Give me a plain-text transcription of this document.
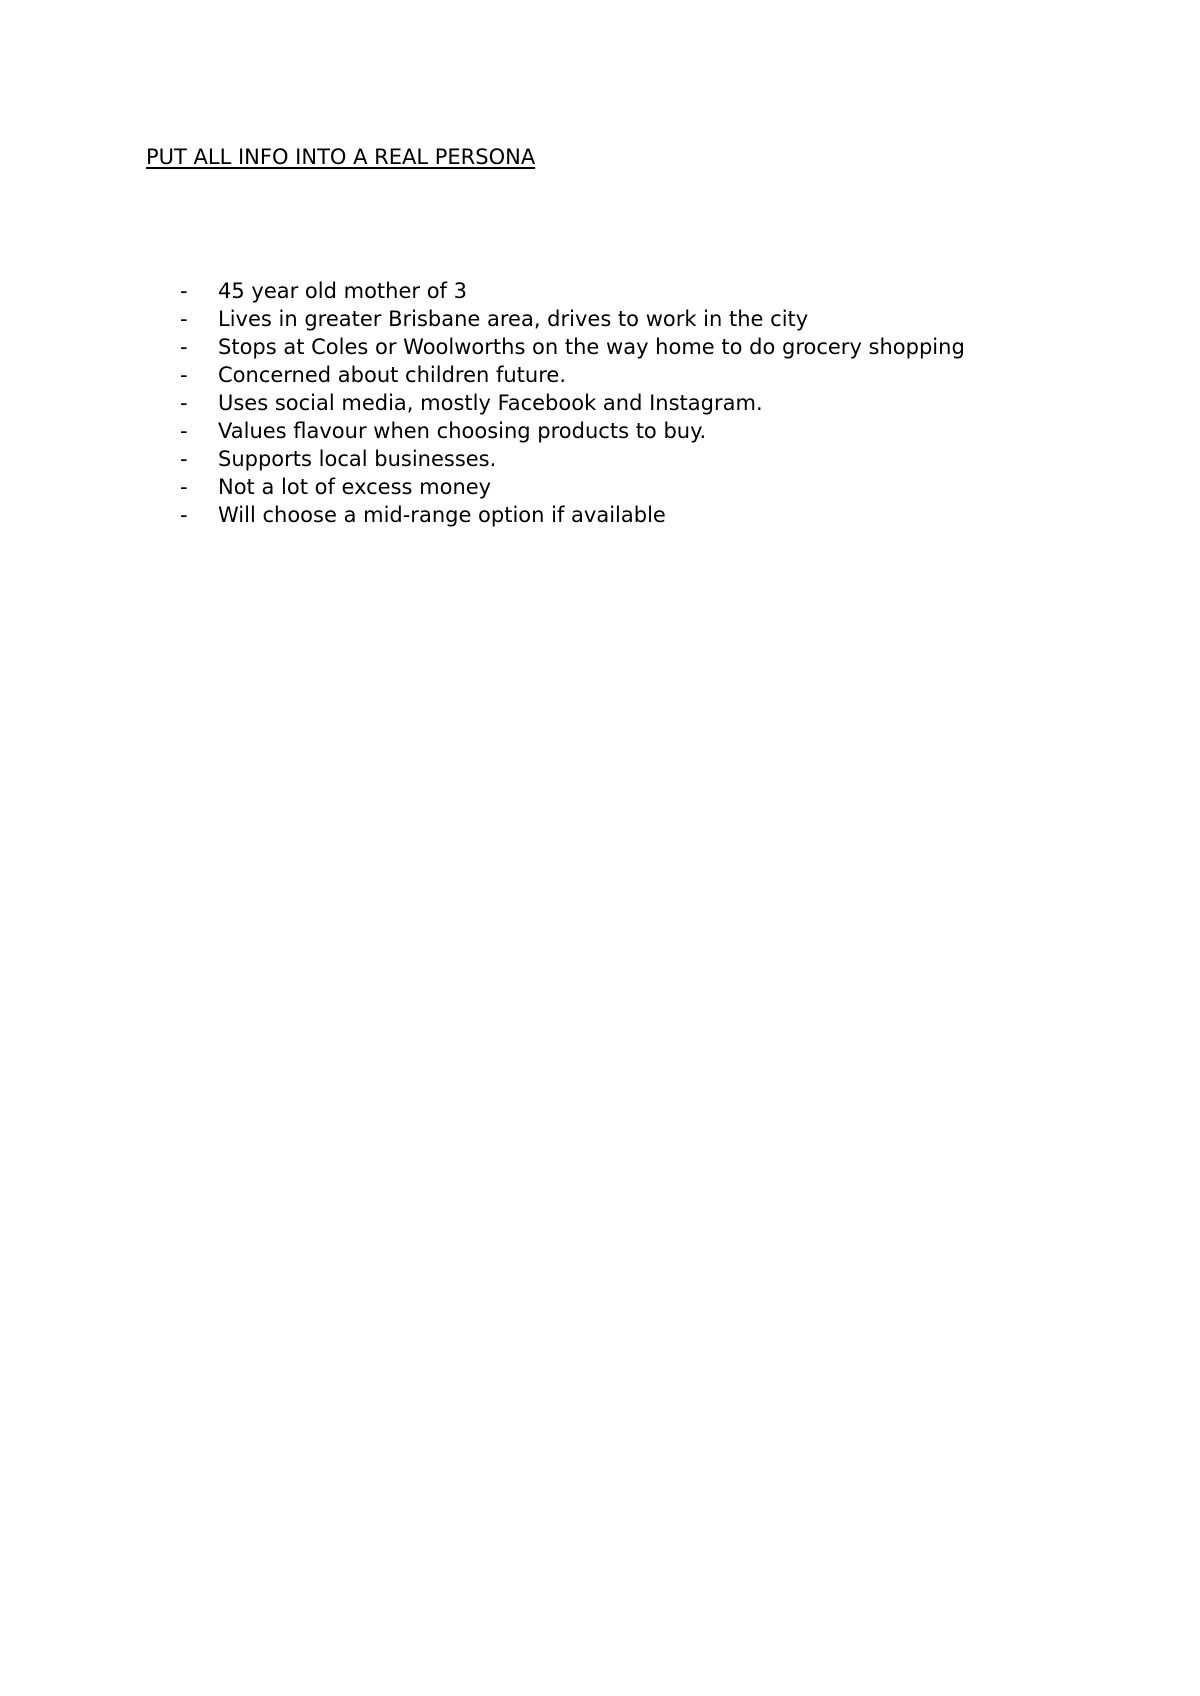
PUT ALL INFO INTO A REAL PERSONA
-	45 year old mother of 3
-	Lives in greater Brisbane area, drives to work in the city
-	Stops at Coles or Woolworths on the way home to do grocery shopping
-	Concerned about children future.
-	Uses social media, mostly Facebook and Instagram.
-	Values flavour when choosing products to buy.
-	Supports local businesses.
-	Not a lot of excess money
-	Will choose a mid-range option if available
